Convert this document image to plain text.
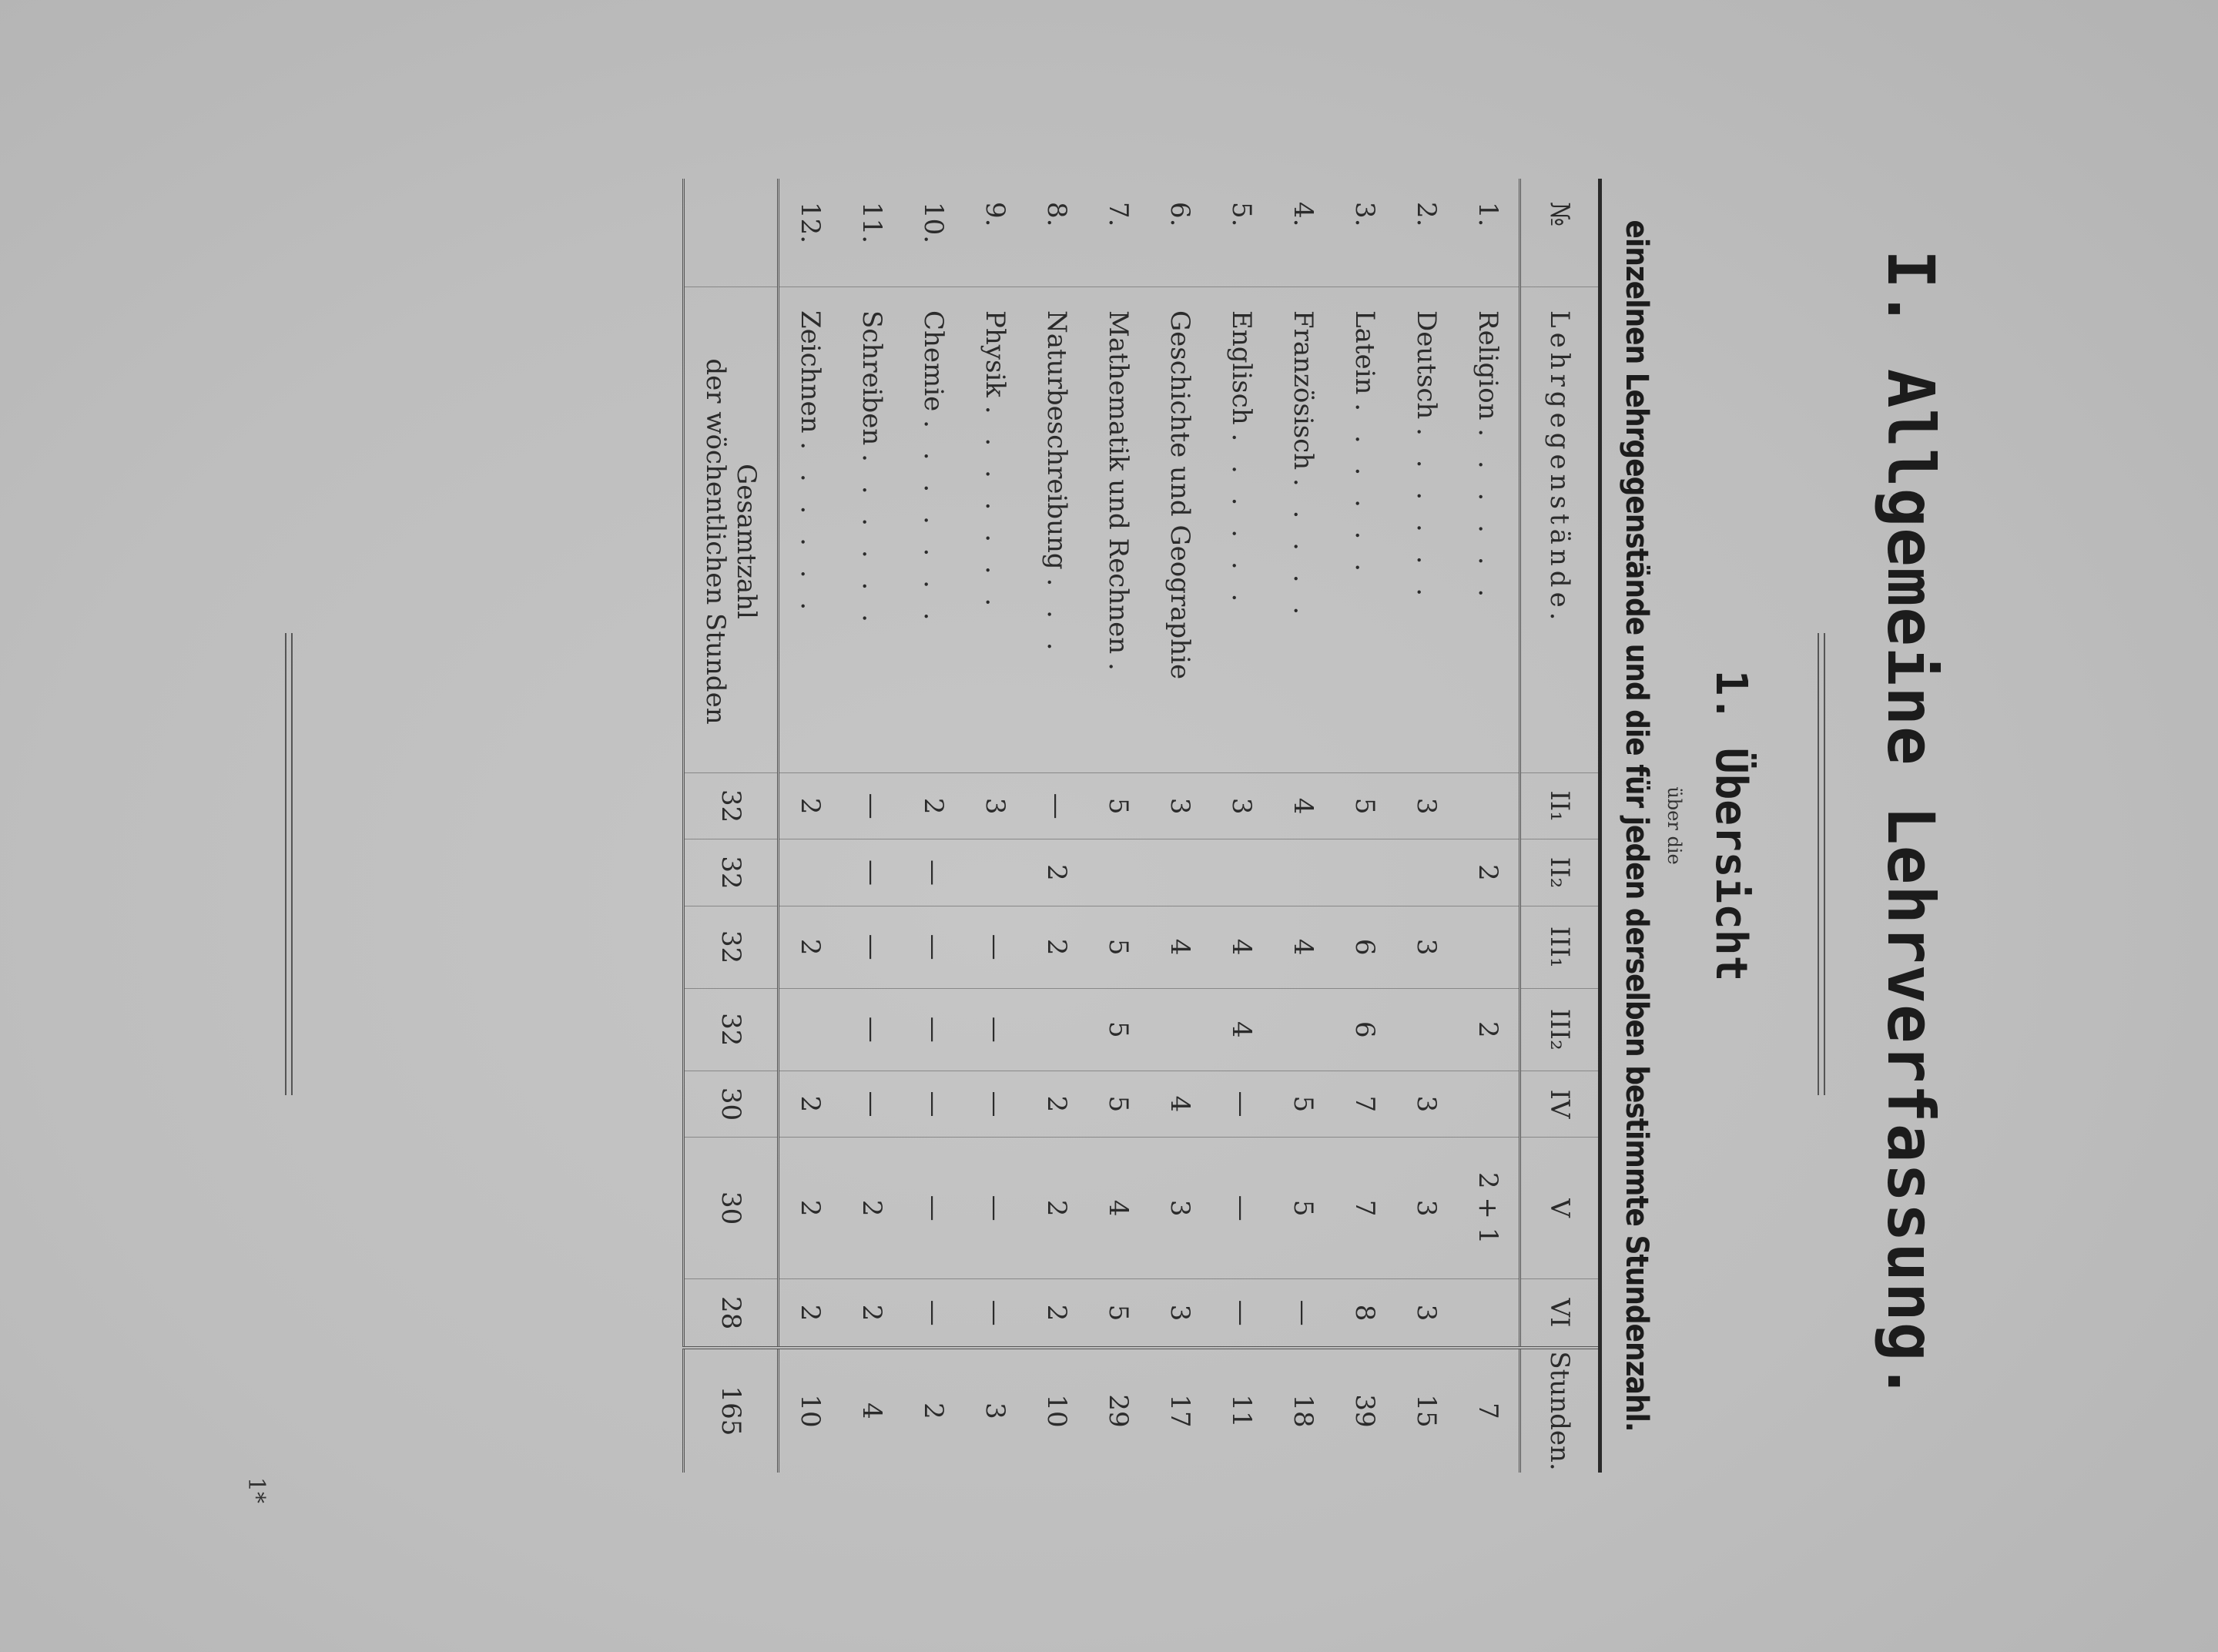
I. Allgemeine Lehrverfassung.
1. Übersicht
über die
einzelnen Lehrgegenstände und die für jeden derselben bestimmte Stundenzahl.
№	Lehrgegenstände.	II₁	II₂	III₁	III₂	IV	V	VI	Stunden.
1.	Religion . . . . . .		2		2		2 + 1		7
2.	Deutsch . . . . . .	3		3		3	3	3	15
3.	Latein . . . . . .	5		6	6	7	7	8	39
4.	Französisch . . . . .	4		4		5	5	—	18
5.	Englisch . . . . . .	3		4	4	—	—	—	11
6.	Geschichte und Geographie	3		4		4	3	3	17
7.	Mathematik und Rechnen .	5		5	5	5	4	5	29
8.	Naturbeschreibung . . .	—	2	2		2	2	2	10
9.	Physik . . . . . . .	3		—	—	—	—	—	3
10.	Chemie . . . . . . .	2	—	—	—	—	—	—	2
11.	Schreiben . . . . . .	—	—	—	—	—	2	2	4
12.	Zeichnen . . . . . .	2		2		2	2	2	10

	Gesamtzahl
der wöchentlichen Stunden	32	32	32	32	30	30	28	165
1*
